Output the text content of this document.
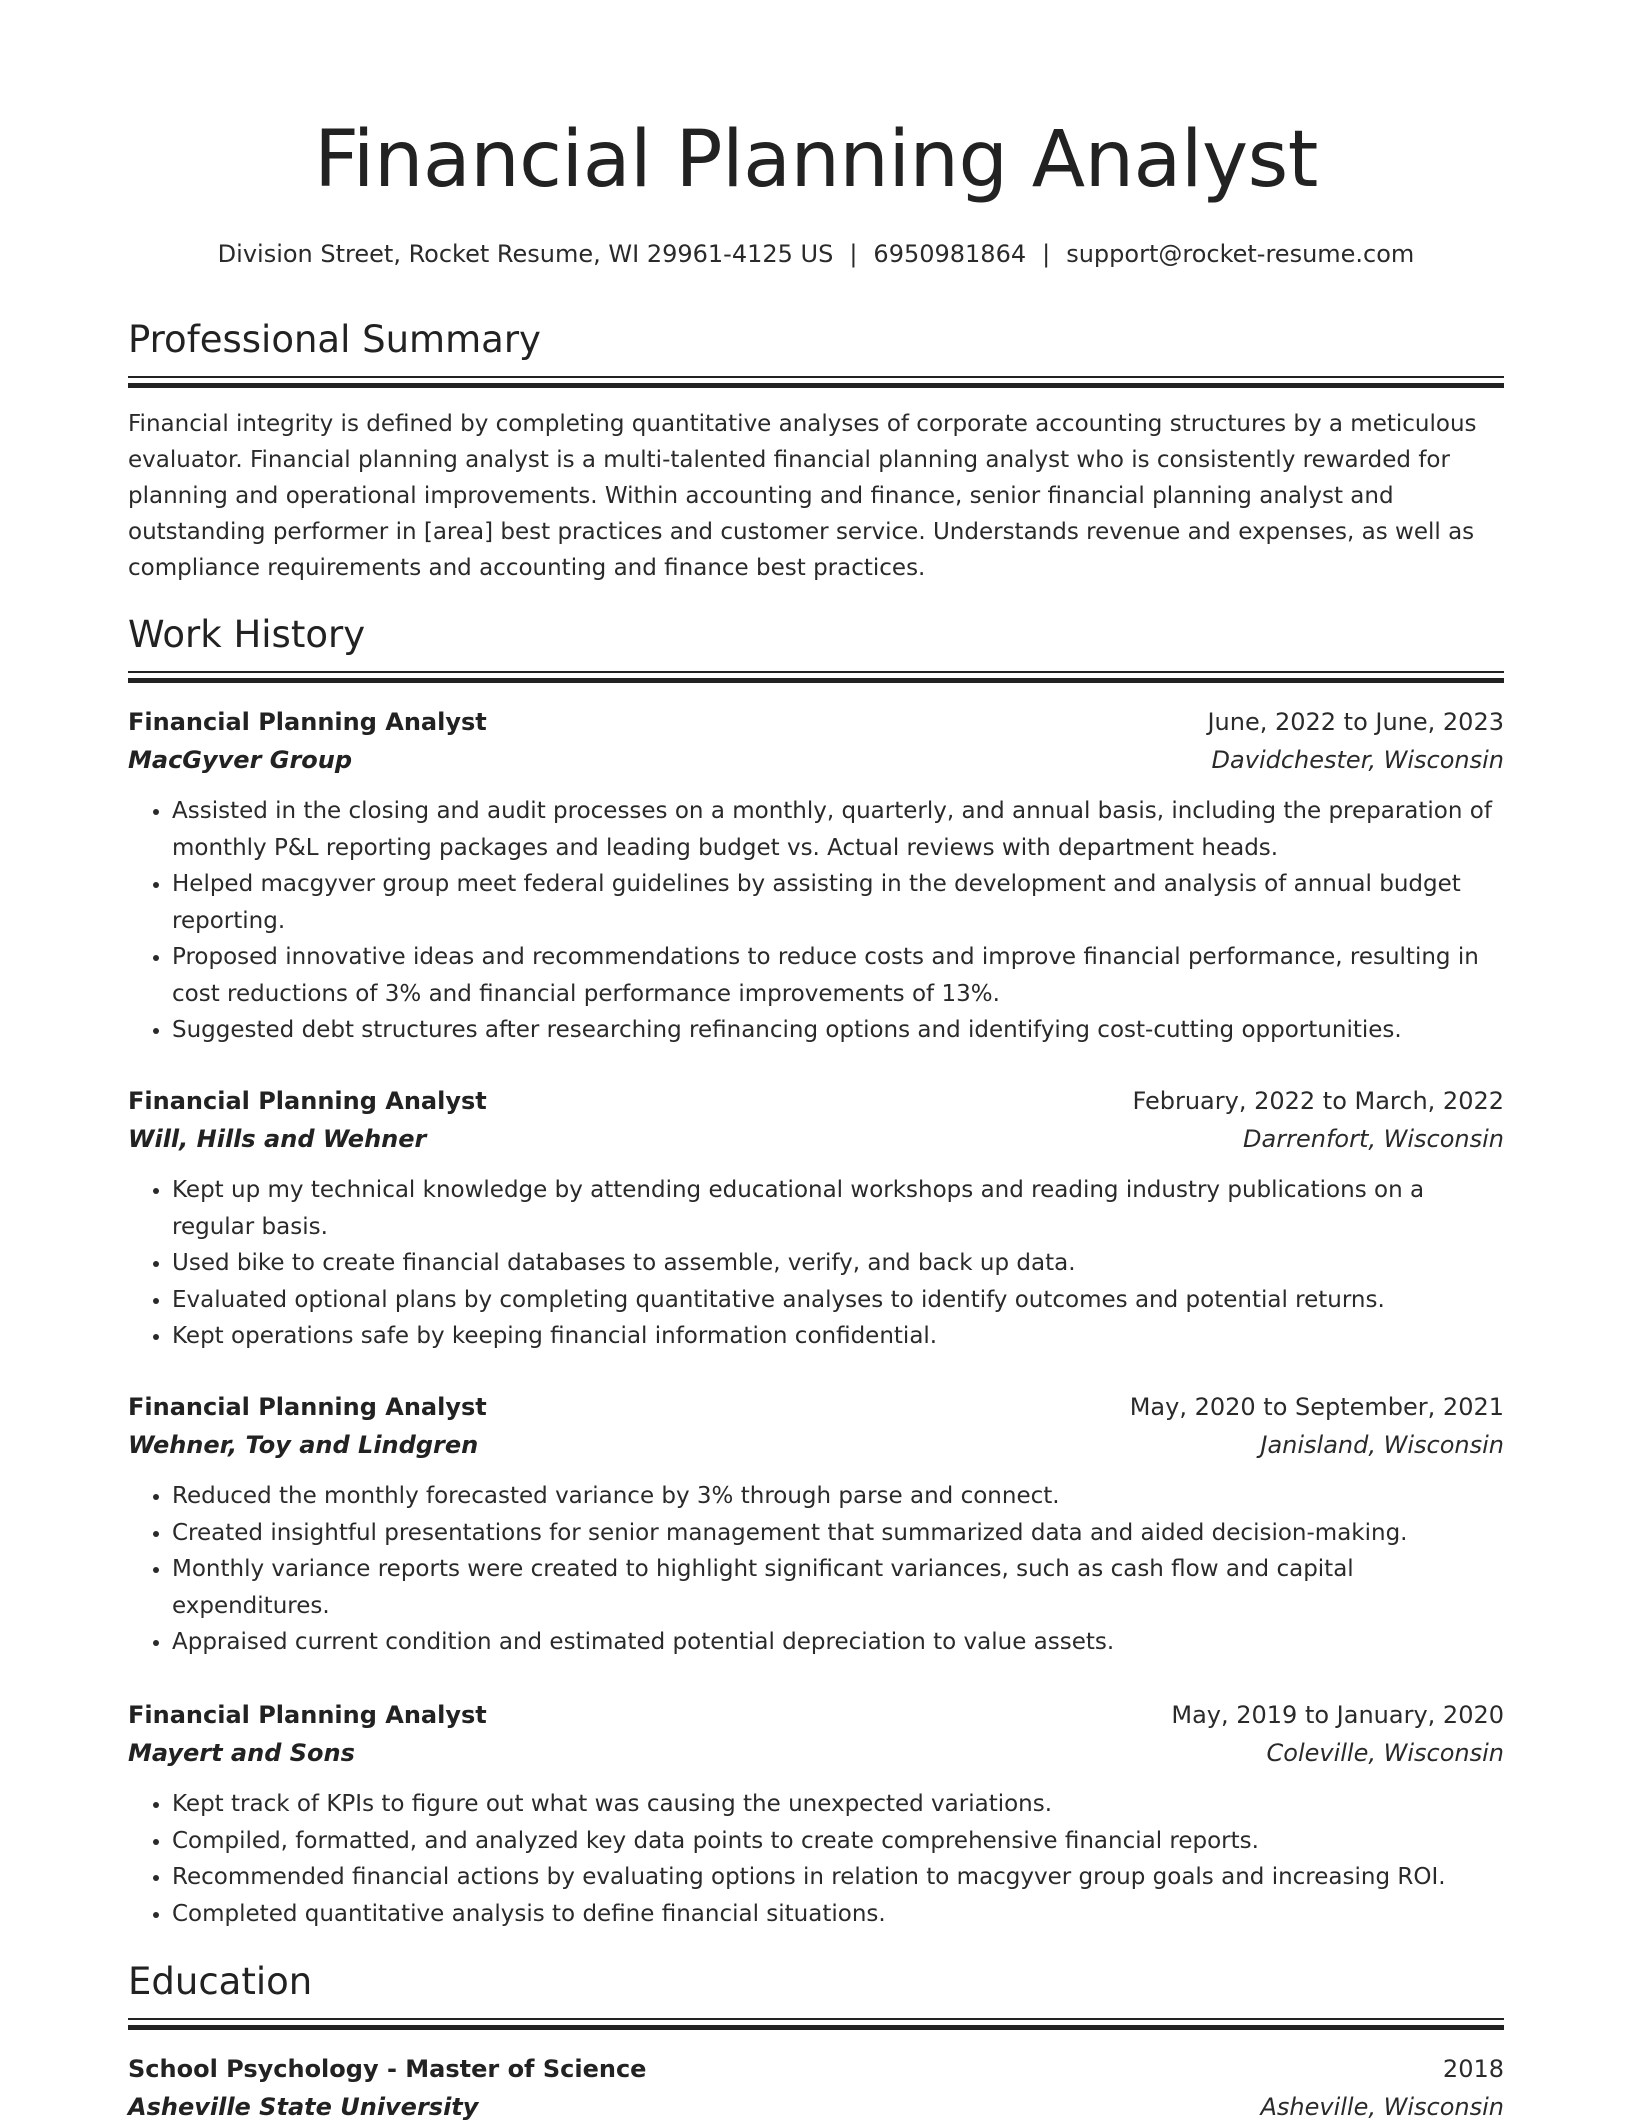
Financial Planning Analyst
Division Street, Rocket Resume, WI 29961-4125 US | 6950981864 | support@rocket-resume.com
Professional Summary

Financial integrity is defined by completing quantitative analyses of corporate accounting structures by a meticulous evaluator. Financial planning analyst is a multi-talented financial planning analyst who is consistently rewarded for planning and operational improvements. Within accounting and finance, senior financial planning analyst and outstanding performer in [area] best practices and customer service. Understands revenue and expenses, as well as compliance requirements and accounting and finance best practices.

Work History
Financial Planning Analyst	June, 2022 to June, 2023
MacGyver Group	Davidchester, Wisconsin
• Assisted in the closing and audit processes on a monthly, quarterly, and annual basis, including the preparation of monthly P&L reporting packages and leading budget vs. Actual reviews with department heads.
• Helped macgyver group meet federal guidelines by assisting in the development and analysis of annual budget reporting.
• Proposed innovative ideas and recommendations to reduce costs and improve financial performance, resulting in cost reductions of 3% and financial performance improvements of 13%.
• Suggested debt structures after researching refinancing options and identifying cost-cutting opportunities.
Financial Planning Analyst	February, 2022 to March, 2022
Will, Hills and Wehner	Darrenfort, Wisconsin
• Kept up my technical knowledge by attending educational workshops and reading industry publications on a regular basis.
• Used bike to create financial databases to assemble, verify, and back up data.
• Evaluated optional plans by completing quantitative analyses to identify outcomes and potential returns.
• Kept operations safe by keeping financial information confidential.
Financial Planning Analyst	May, 2020 to September, 2021
Wehner, Toy and Lindgren	Janisland, Wisconsin
• Reduced the monthly forecasted variance by 3% through parse and connect.
• Created insightful presentations for senior management that summarized data and aided decision-making.
• Monthly variance reports were created to highlight significant variances, such as cash flow and capital expenditures.
• Appraised current condition and estimated potential depreciation to value assets.
Financial Planning Analyst	May, 2019 to January, 2020
Mayert and Sons	Coleville, Wisconsin
• Kept track of KPIs to figure out what was causing the unexpected variations.
• Compiled, formatted, and analyzed key data points to create comprehensive financial reports.
• Recommended financial actions by evaluating options in relation to macgyver group goals and increasing ROI.
• Completed quantitative analysis to define financial situations.
Education
School Psychology - Master of Science	2018
Asheville State University	Asheville, Wisconsin
